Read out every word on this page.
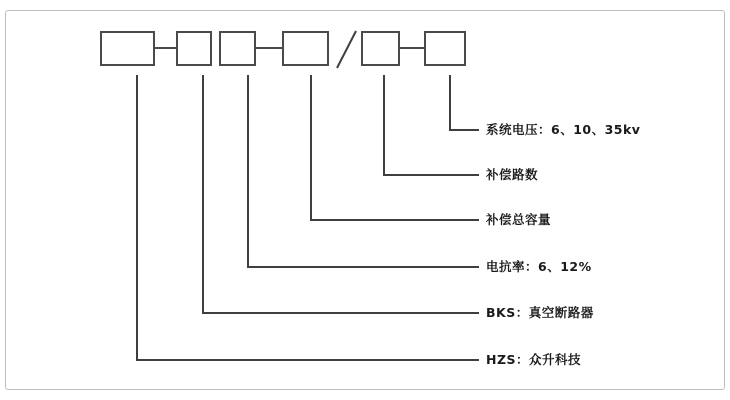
系统电压：6、10、35kv
补偿路数
补偿总容量
电抗率：6、12%
BKS：真空断路器
HZS：众升科技
